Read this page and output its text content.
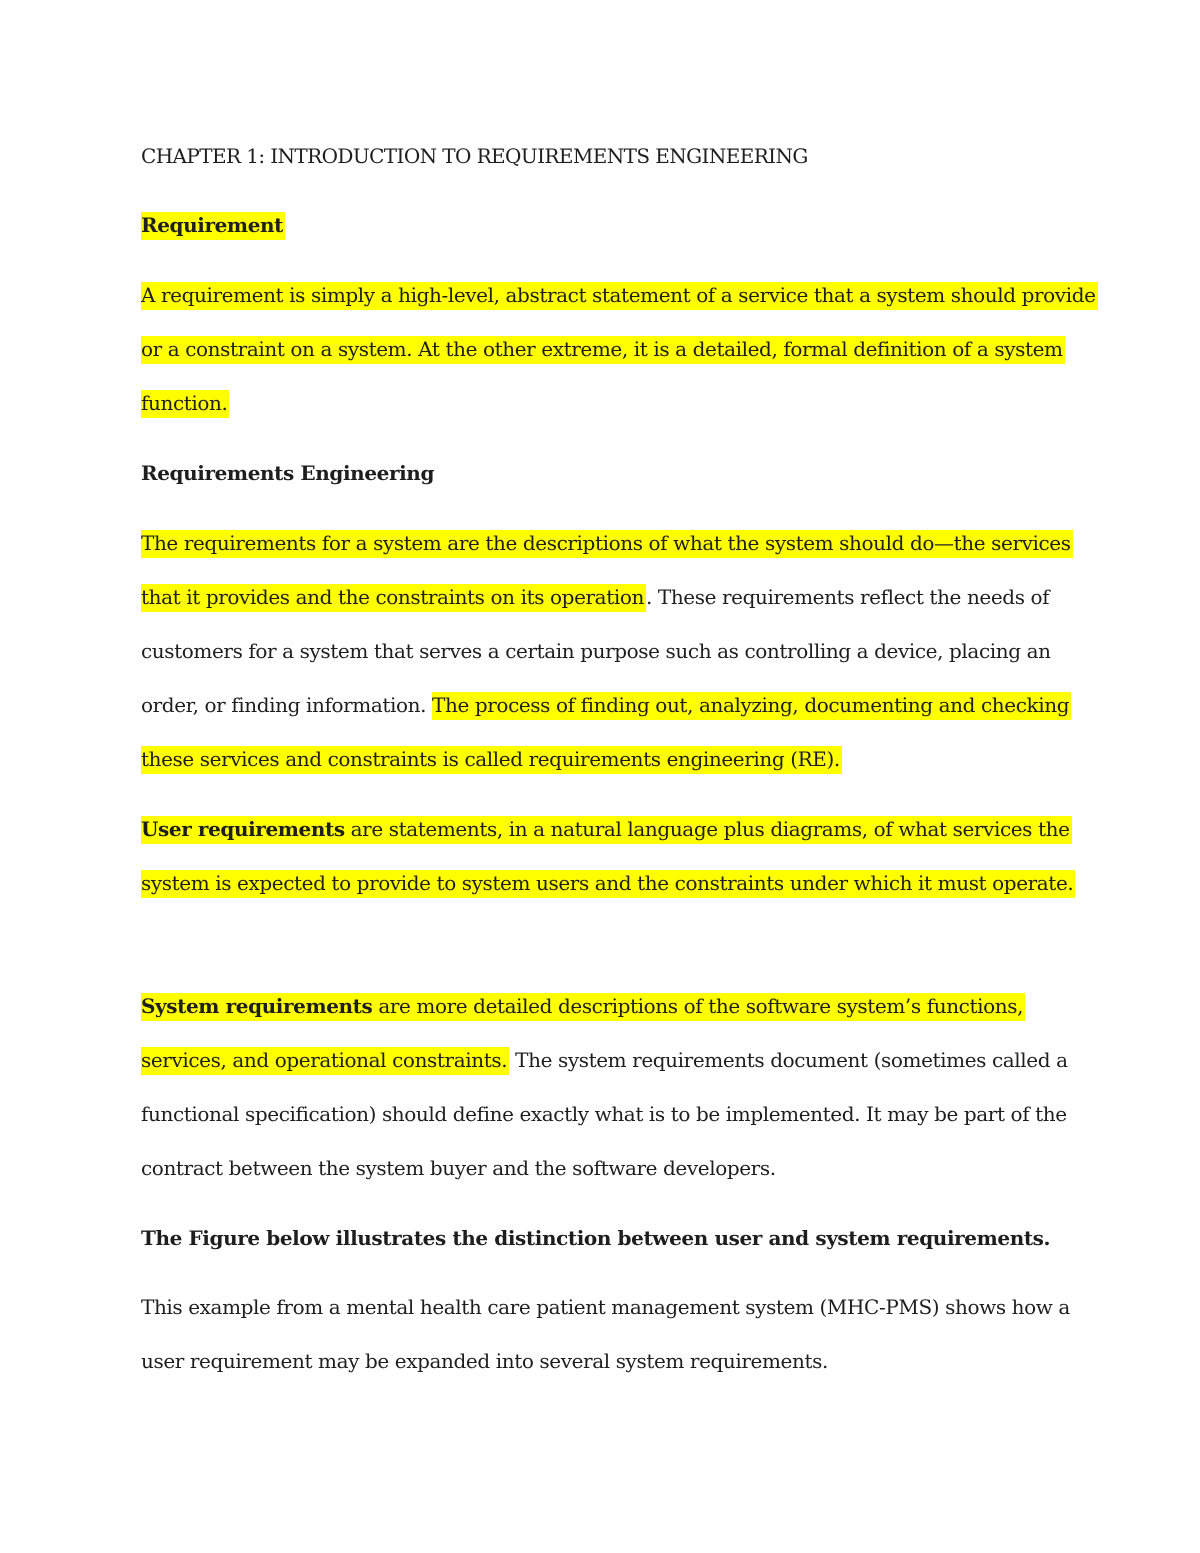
CHAPTER 1: INTRODUCTION TO REQUIREMENTS ENGINEERING

Requirement

A requirement is simply a high-level, abstract statement of a service that a system should provide

or a constraint on a system. At the other extreme, it is a detailed, formal definition of a system

function.

Requirements Engineering

The requirements for a system are the descriptions of what the system should do—the services

that it provides and the constraints on its operation . These requirements reflect the needs of

customers for a system that serves a certain purpose such as controlling a device, placing an

order, or finding information. The process of finding out, analyzing, documenting and checking

these services and constraints is called requirements engineering (RE).

User requirements are statements, in a natural language plus diagrams, of what services the

system is expected to provide to system users and the constraints under which it must operate.

System requirements are more detailed descriptions of the software system’s functions,

services, and operational constraints. The system requirements document (sometimes called a

functional specification) should define exactly what is to be implemented. It may be part of the

contract between the system buyer and the software developers.

The Figure below illustrates the distinction between user and system requirements.

This example from a mental health care patient management system (MHC-PMS) shows how a

user requirement may be expanded into several system requirements.
